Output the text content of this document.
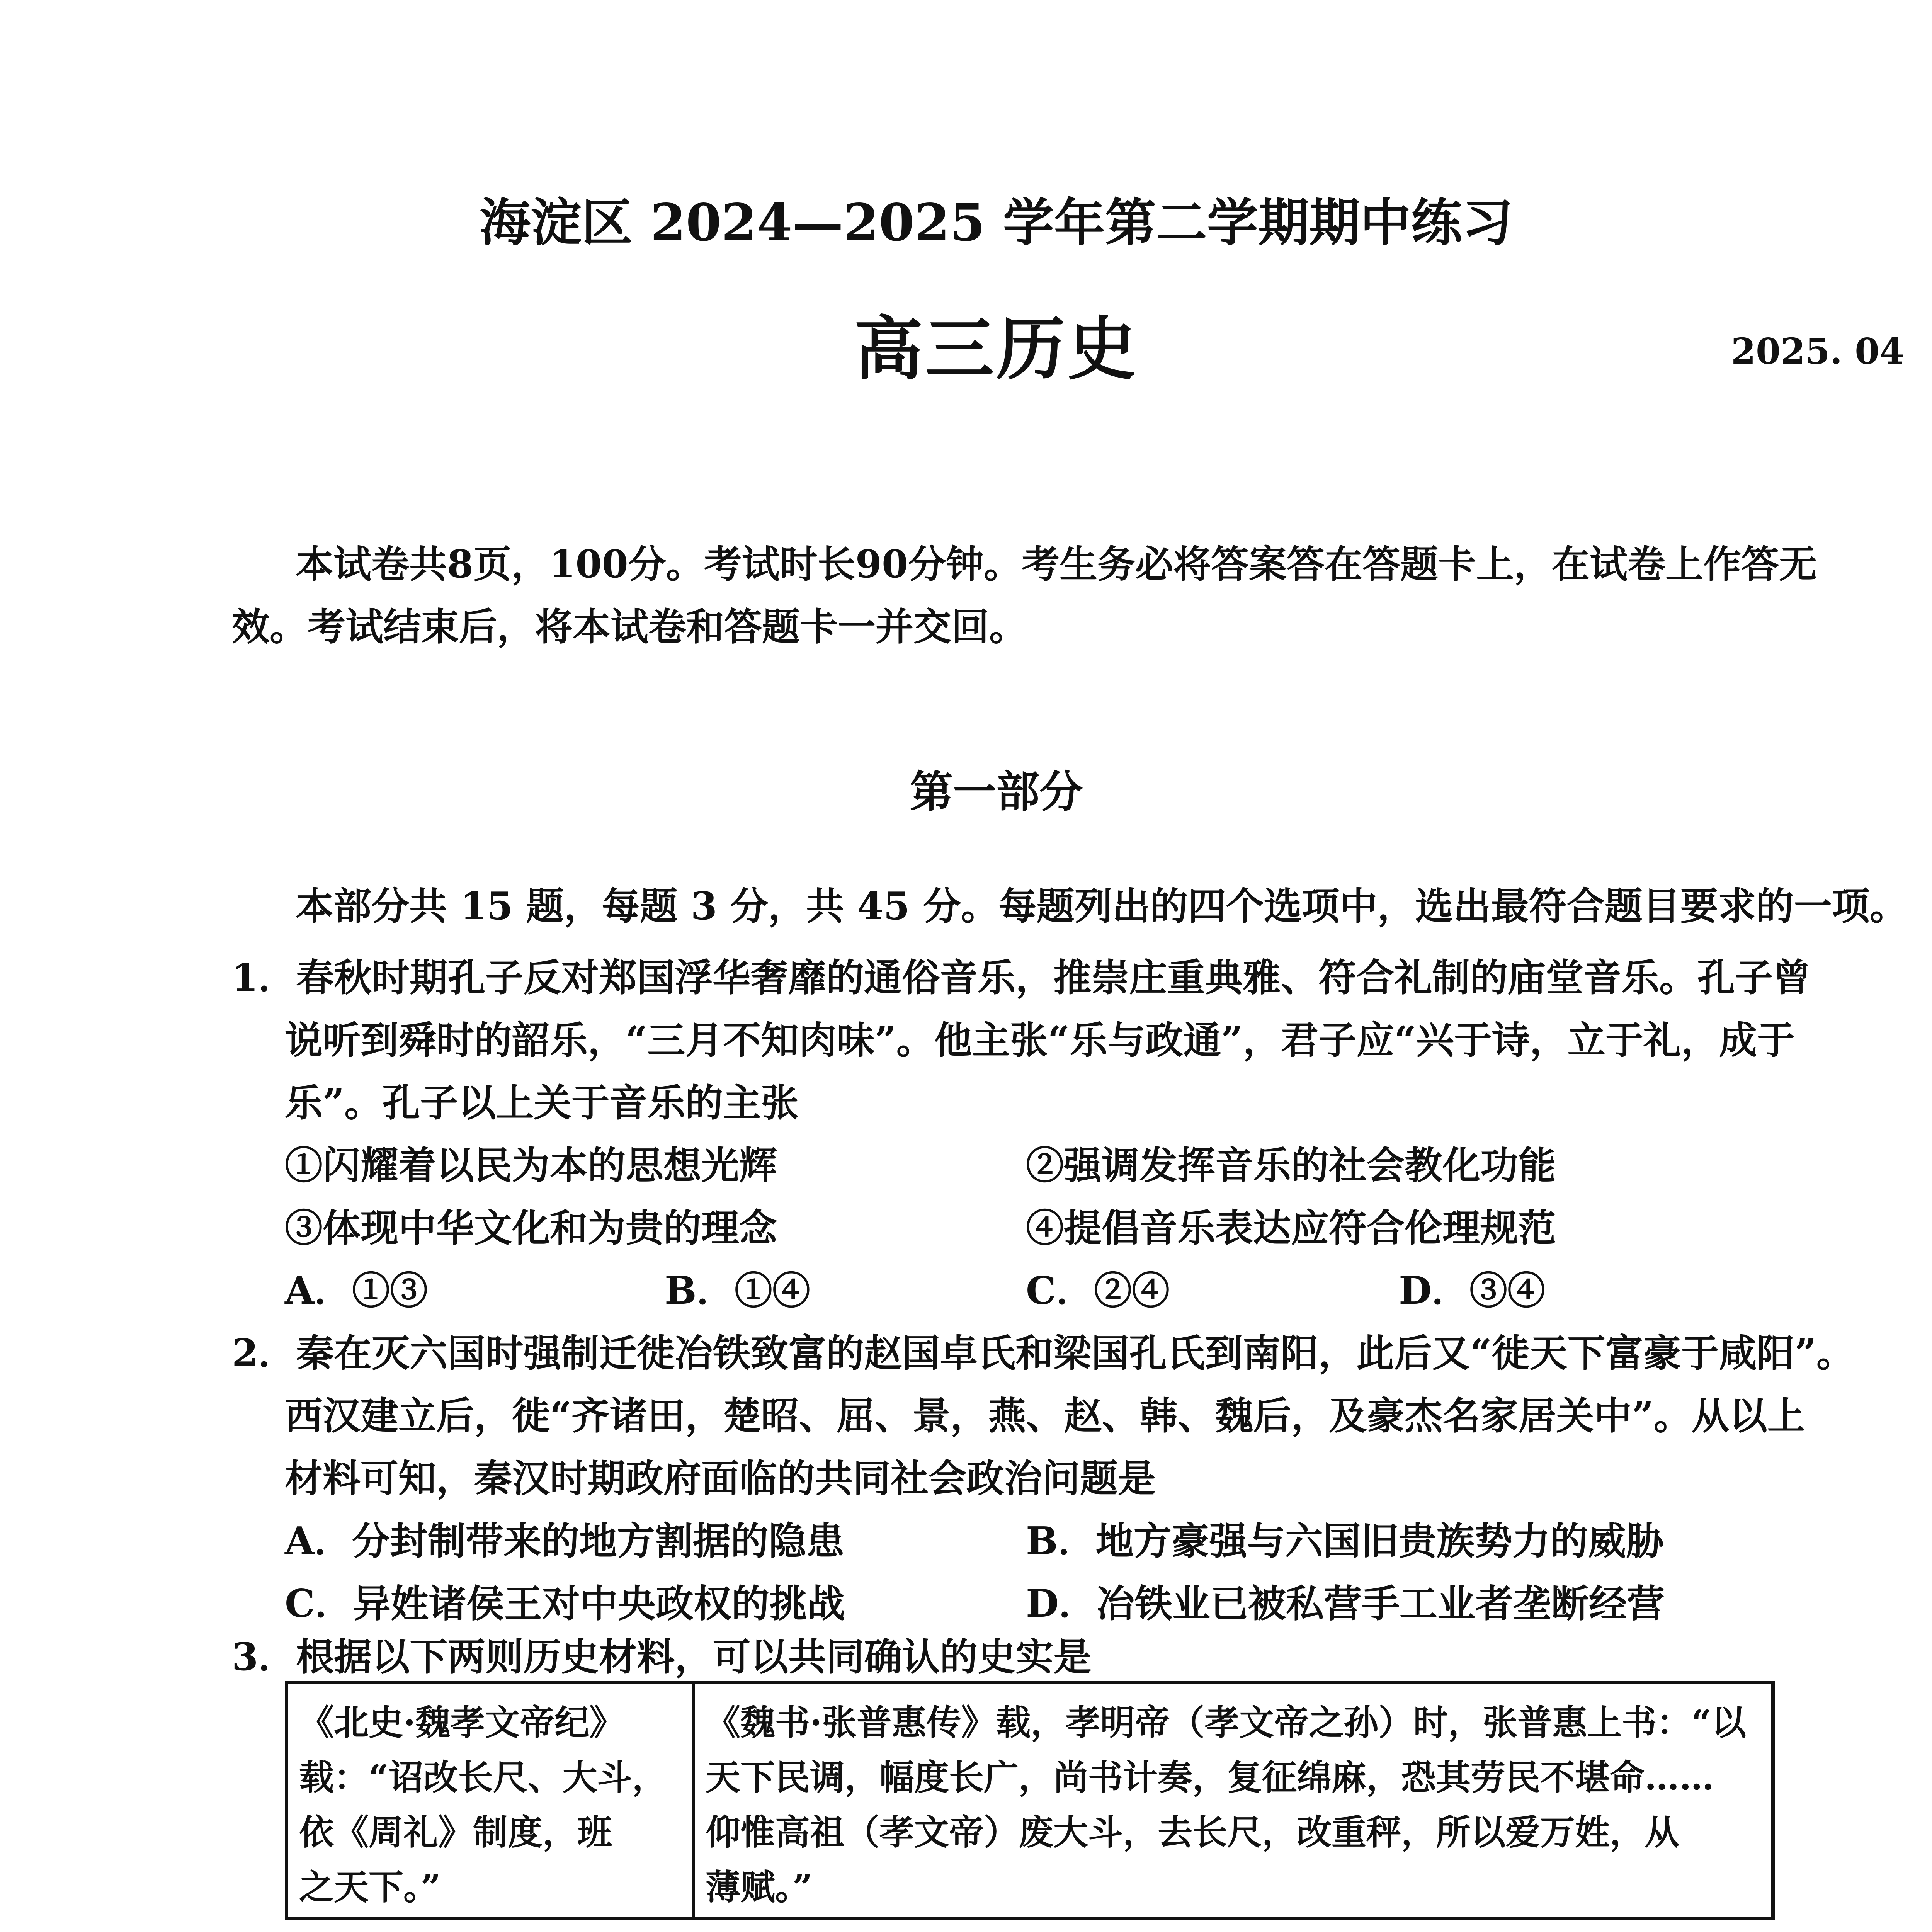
海淀区 2024—2025 学年第二学期期中练习
高三历史	2025. 04
本试卷共8页，100分。考试时长90分钟。考生务必将答案答在答题卡上，在试卷上作答无
效。考试结束后，将本试卷和答题卡一并交回。
第一部分
本部分共 15 题，每题 3 分，共 45 分。每题列出的四个选项中，选出最符合题目要求的一项。
1．春秋时期孔子反对郑国浮华奢靡的通俗音乐，推崇庄重典雅、符合礼制的庙堂音乐。孔子曾
说听到舜时的韶乐，“三月不知肉味”。他主张“乐与政通”，君子应“兴于诗，立于礼，成于
乐”。孔子以上关于音乐的主张
①闪耀着以民为本的思想光辉	②强调发挥音乐的社会教化功能
③体现中华文化和为贵的理念	④提倡音乐表达应符合伦理规范
A．①③	B．①④	C．②④	D．③④
2．秦在灭六国时强制迁徙冶铁致富的赵国卓氏和梁国孔氏到南阳，此后又“徙天下富豪于咸阳”。
西汉建立后，徙“齐诸田，楚昭、屈、景，燕、赵、韩、魏后，及豪杰名家居关中”。从以上
材料可知，秦汉时期政府面临的共同社会政治问题是
A．分封制带来的地方割据的隐患	B．地方豪强与六国旧贵族势力的威胁
C．异姓诸侯王对中央政权的挑战	D．冶铁业已被私营手工业者垄断经营
3．根据以下两则历史材料，可以共同确认的史实是
《北史·魏孝文帝纪》
载：“诏改长尺、大斗，
依《周礼》制度，班
之天下。”

《魏书·张普惠传》载，孝明帝（孝文帝之孙）时，张普惠上书：“以
天下民调，幅度长广，尚书计奏，复征绵麻，恐其劳民不堪命……
仰惟高祖（孝文帝）废大斗，去长尺，改重秤，所以爱万姓，从
薄赋。”
